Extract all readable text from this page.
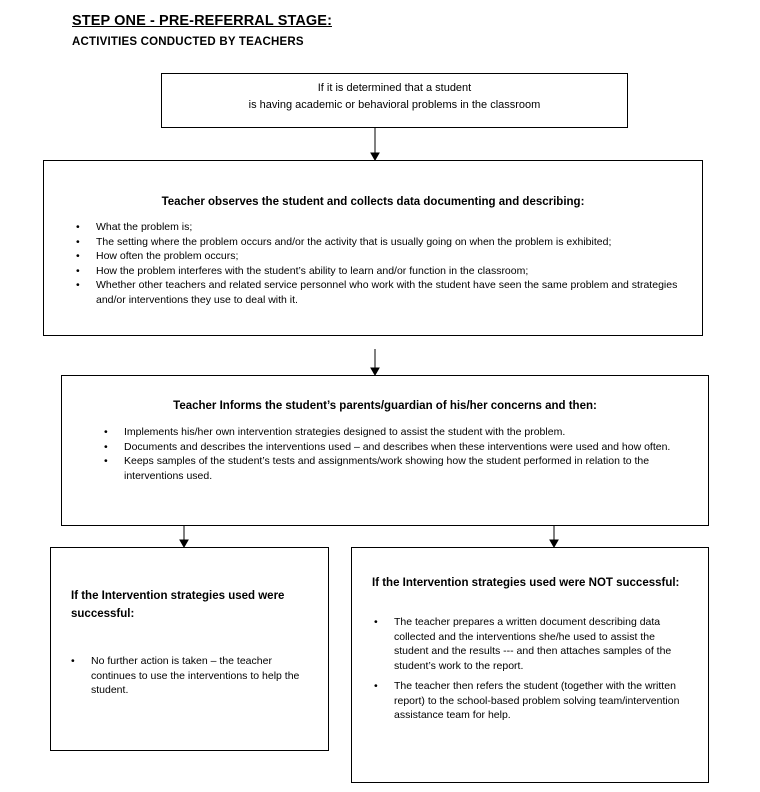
STEP ONE - PRE-REFERRAL STAGE:
ACTIVITIES CONDUCTED BY TEACHERS
If it is determined that a student
is having academic or behavioral problems in the classroom
Teacher observes the student and collects data documenting and describing:
• What the problem is;
• The setting where the problem occurs and/or the activity that is usually going on when the problem is exhibited;
• How often the problem occurs;
• How the problem interferes with the student’s ability to learn and/or function in the classroom;
• Whether other teachers and related service personnel who work with the student have seen the same problem and strategies and/or interventions they use to deal with it.
Teacher Informs the student’s parents/guardian of his/her concerns and then:
• Implements his/her own intervention strategies designed to assist the student with the problem.
• Documents and describes the interventions used – and describes when these interventions were used and how often.
• Keeps samples of the student’s tests and assignments/work showing how the student performed in relation to the interventions used.
If the Intervention strategies used were successful:
• No further action is taken – the teacher continues to use the interventions to help the student.
If the Intervention strategies used were NOT successful:
• The teacher prepares a written document describing data collected and the interventions she/he used to assist the student and the results --- and then attaches samples of the student’s work to the report.
• The teacher then refers the student (together with the written report) to the school-based problem solving team/intervention assistance team for help.
